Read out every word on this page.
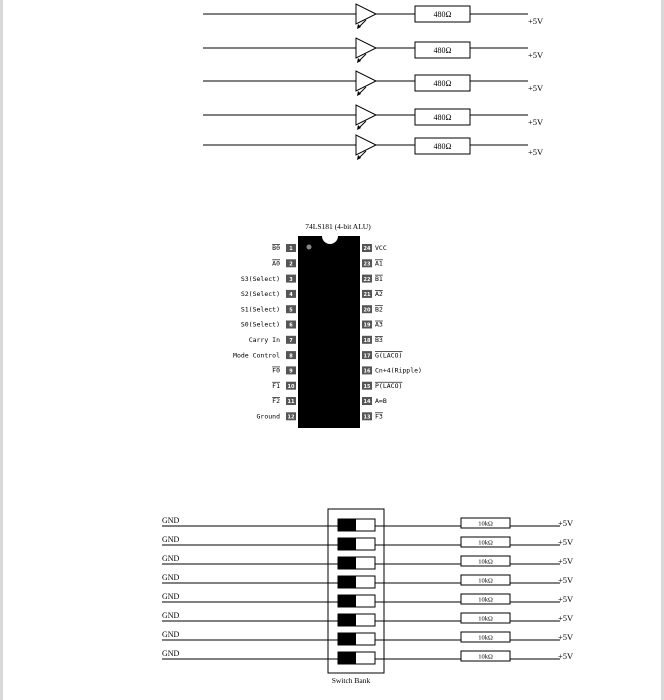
480Ω
+5V
480Ω	+5V
480Ω	+5V
480Ω	+5V
480Ω
+5V
74LS181 (4-bit ALU)
1
B0
2
A0
3
S3(Select)
4
S2(Select)
5
S1(Select)
6
S0(Select)
7
Carry In
8
Mode Control
9
F0
10
F1
11
F2
12
Ground
24 VCC
23 A1
22 B1
21 A2
20 B2
19 A3
18 B3
17 G(LACO)
16 Cn+4(Ripple)
15 P(LACO)
14 A=B
13 F3
Switch Bank
GND	10kΩ	+5V
GND	10kΩ	+5V
GND	10kΩ	+5V
GND	10kΩ	+5V
GND	10kΩ	+5V
GND	10kΩ	+5V
GND	10kΩ	+5V
GND	10kΩ	+5V
